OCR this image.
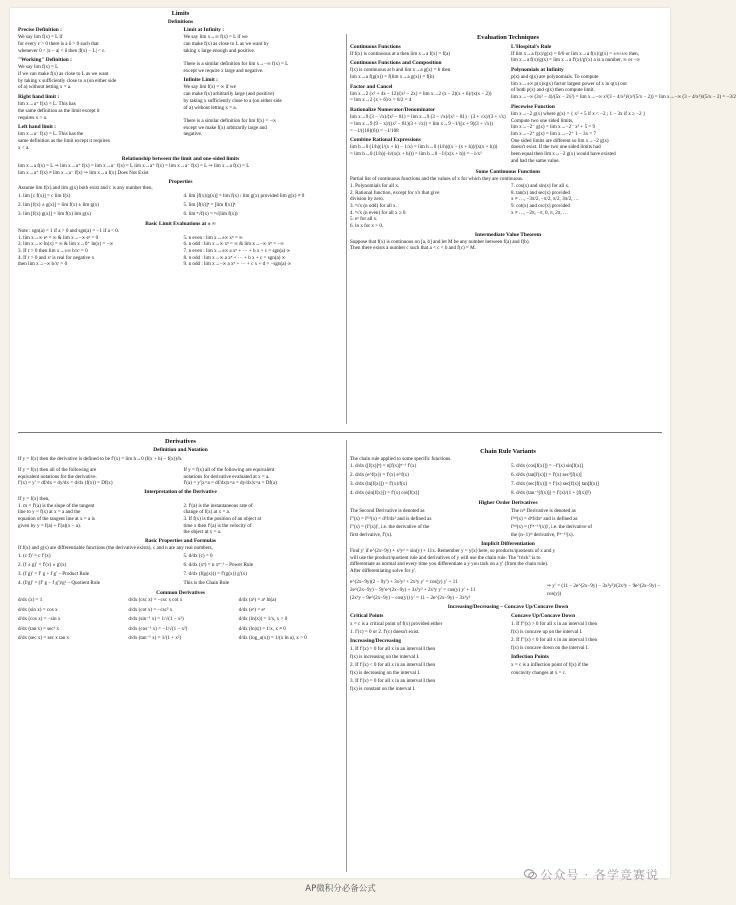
Limits
Definitions
Precise Definition :
We say lim f(x) = L if
for every ε > 0 there is a δ > 0 such that
whenever 0 < |x − a| < δ then |f(x) − L| < ε.
"Working" Definition :
We say lim f(x) = L
if we can make f(x) as close to L as we want
by taking x sufficiently close to a (on either side
of a) without letting x = a.
Right hand limit :
lim x→a⁺ f(x) = L. This has
the same definition as the limit except it
requires x > a.
Left hand limit :
lim x→a⁻ f(x) = L. This has the
same definition as the limit except it requires
x < a.
Limit at Infinity :
We say lim x→∞ f(x) = L if we
can make f(x) as close to L as we want by
taking x large enough and positive.

There is a similar definition for lim x→−∞ f(x) = L
except we require x large and negative.
Infinite Limit :
We say lim f(x) = ∞ if we
can make f(x) arbitrarily large (and positive)
by taking x sufficiently close to a (on either side
of a) without letting x = a.

There is a similar definition for lim f(x) = −∞
except we make f(x) arbitrarily large and
negative.
Relationship between the limit and one-sided limits
lim x→a f(x) = L ⇒ lim x→a⁺ f(x) = lim x→a⁻ f(x) = L lim x→a⁺ f(x) = lim x→a⁻ f(x) = L ⇒ lim x→a f(x) = L
lim x→a⁺ f(x) ≠ lim x→a⁻ f(x) ⇒ lim x→a f(x) Does Not Exist
Properties
Assume lim f(x) and lim g(x) both exist and c is any number then,
1. lim [c f(x)] = c lim f(x)
2. lim [f(x) ± g(x)] = lim f(x) ± lim g(x)
3. lim [f(x) g(x)] = lim f(x) lim g(x)
4. lim [f(x)/g(x)] = lim f(x) / lim g(x) provided lim g(x) ≠ 0
5. lim [f(x)]ⁿ = [lim f(x)]ⁿ
6. lim ⁿ√f(x) = ⁿ√(lim f(x))
Basic Limit Evaluations at ± ∞
Note : sgn(a) = 1 if a > 0 and sgn(a) = −1 if a < 0.
1. lim x→∞ eˣ = ∞ & lim x→−∞ eˣ = 0
2. lim x→∞ ln(x) = ∞ & lim x→0⁺ ln(x) = −∞
3. If r > 0 then lim x→±∞ b/xʳ = 0
4. If r > 0 and xʳ is real for negative x
then lim x→−∞ b/xʳ = 0
5. n even : lim x→±∞ xⁿ = ∞
6. n odd : lim x→∞ xⁿ = ∞ & lim x→−∞ xⁿ = −∞
7. n even : lim x→±∞ a xⁿ + ··· + b x + c = sgn(a) ∞
8. n odd : lim x→∞ a xⁿ + ··· + b x + c = sgn(a) ∞
9. n odd : lim x→−∞ a xⁿ + ··· + c x + d = −sgn(a) ∞
Evaluation Techniques
Continuous Functions
If f(x) is continuous at a then lim x→a f(x) = f(a)
Continuous Functions and Composition
f(x) is continuous at b and lim x→a g(x) = b then
lim x→a f(g(x)) = f(lim x→a g(x)) = f(b)
Factor and Cancel
lim x→2 (x² + 4x − 12)/(x² − 2x) = lim x→2 (x − 2)(x + 6)/(x(x − 2))
= lim x→2 (x + 6)/x = 8/2 = 4
Rationalize Numerator/Denominator
lim x→9 (3 − √x)/(x² − 81) = lim x→9 (3 − √x)/(x² − 81) · (3 + √x)/(3 + √x)
= lim x→9 (9 − x)/((x² − 81)(3 + √x)) = lim x→9 −1/((x + 9)(3 + √x))
= −1/((18)(6)) = −1/108
Combine Rational Expressions
lim h→0 (1/h)(1/(x + h) − 1/x) = lim h→0 (1/h)((x − (x + h))/(x(x + h)))
= lim h→0 (1/h)(−h/(x(x + h))) = lim h→0 −1/(x(x + h)) = −1/x²
L'Hospital's Rule
If lim x→a f(x)/g(x) = 0/0 or lim x→a f(x)/g(x) = ±∞/±∞ then,
lim x→a f(x)/g(x) = lim x→a f′(x)/g′(x) a is a number, ∞ or −∞
Polynomials at Infinity
p(x) and q(x) are polynomials. To compute
lim x→±∞ p(x)/q(x) factor largest power of x in q(x) out
of both p(x) and q(x) then compute limit.
lim x→−∞ (3x² − 4)/(5x − 2x²) = lim x→−∞ x²(3 − 4/x²)/(x²(5/x − 2)) = lim x→−∞ (3 − 4/x²)/(5/x − 2) = −3/2
Piecewise Function
lim x→−2 g(x) where g(x) = { x² + 5 if x < −2 ; 1 − 3x if x ≥ −2 }
Compute two one sided limits,
lim x→−2⁻ g(x) = lim x→−2⁻ x² + 5 = 9
lim x→−2⁺ g(x) = lim x→−2⁺ 1 − 3x = 7
One sided limits are different so lim x→−2 g(x)
doesn't exist. If the two one sided limits had
been equal then lim x→−2 g(x) would have existed
and had the same value.
Some Continuous Functions
Partial list of continuous functions and the values of x for which they are continuous.
1. Polynomials for all x.
2. Rational function, except for x's that give
division by zero.
3. ⁿ√x (n odd) for all x.
4. ⁿ√x (n even) for all x ≥ 0.
5. eˣ for all x.
6. ln x for x > 0.
7. cos(x) and sin(x) for all x.
8. tan(x) and sec(x) provided
x ≠ …, −3π/2, −π/2, π/2, 3π/2, …
9. cot(x) and csc(x) provided
x ≠ …, −2π, −π, 0, π, 2π, …
Intermediate Value Theorem
Suppose that f(x) is continuous on [a, b] and let M be any number between f(a) and f(b).
Then there exists a number c such that a < c < b and f(c) = M.
Derivatives
Definition and Notation
If y = f(x) then the derivative is defined to be f′(x) = lim h→0 (f(x + h) − f(x))/h.
If y = f(x) then all of the following are
equivalent notations for the derivative.
f′(x) = y′ = df/dx = dy/dx = d/dx (f(x)) = Df(x)
If y = f(x) all of the following are equivalent
notations for derivative evaluated at x = a.
f′(a) = y′|x=a = df/dx|x=a = dy/dx|x=a = Df(a)
Interpretation of the Derivative
If y = f(x) then,
1. m = f′(a) is the slope of the tangent
line to y = f(x) at x = a and the
equation of the tangent line at x = a is
given by y = f(a) + f′(a)(x − a).
2. f′(a) is the instantaneous rate of
change of f(x) at x = a.
3. If f(x) is the position of an object at
time x then f′(a) is the velocity of
the object at x = a.
Basic Properties and Formulas
If f(x) and g(x) are differentiable functions (the derivative exists), c and n are any real numbers,
1. (c f)′ = c f′(x)
2. (f ± g)′ = f′(x) ± g′(x)
3. (f g)′ = f′ g + f g′ – Product Rule
4. (f/g)′ = (f′ g − f g′)/g² – Quotient Rule
5. d/dx (c) = 0
6. d/dx (xⁿ) = n xⁿ⁻¹ – Power Rule
7. d/dx (f(g(x))) = f′(g(x)) g′(x)
This is the Chain Rule
Common Derivatives
d/dx (x) = 1
d/dx (sin x) = cos x
d/dx (cos x) = −sin x
d/dx (tan x) = sec² x
d/dx (sec x) = sec x tan x
d/dx (csc x) = −csc x cot x
d/dx (cot x) = −csc² x
d/dx (sin⁻¹ x) = 1/√(1 − x²)
d/dx (cos⁻¹ x) = −1/√(1 − x²)
d/dx (tan⁻¹ x) = 1/(1 + x²)
d/dx (aˣ) = aˣ ln(a)
d/dx (eˣ) = eˣ
d/dx (ln(x)) = 1/x, x > 0
d/dx (ln|x|) = 1/x, x ≠ 0
d/dx (log_a(x)) = 1/(x ln a), x > 0
Chain Rule Variants
The chain rule applied to some specific functions.
1. d/dx ([f(x)]ⁿ) = n[f(x)]ⁿ⁻¹ f′(x)
2. d/dx (e^f(x)) = f′(x) e^f(x)
3. d/dx (ln[f(x)]) = f′(x)/f(x)
4. d/dx (sin[f(x)]) = f′(x) cos[f(x)]
5. d/dx (cos[f(x)]) = −f′(x) sin[f(x)]
6. d/dx (tan[f(x)]) = f′(x) sec²[f(x)]
7. d/dx (sec[f(x)]) = f′(x) sec[f(x)] tan[f(x)]
8. d/dx (tan⁻¹[f(x)]) = f′(x)/(1 + [f(x)]²)
Higher Order Derivatives
The Second Derivative is denoted as
f″(x) = f⁽²⁾(x) = d²f/dx² and is defined as
f″(x) = (f′(x))′, i.e. the derivative of the
first derivative, f′(x).
The nᵗʰ Derivative is denoted as
f⁽ⁿ⁾(x) = dⁿf/dxⁿ and is defined as
f⁽ⁿ⁾(x) = (f⁽ⁿ⁻¹⁾(x))′, i.e. the derivative of
the (n−1)ᵗʰ derivative, f⁽ⁿ⁻¹⁾(x).
Implicit Differentiation
Find y′ if e^(2x−9y) + x³y² = sin(y) + 11x. Remember y = y(x) here, so products/quotients of x and y
will use the product/quotient rule and derivatives of y will use the chain rule. The "trick" is to
differentiate as normal and every time you differentiate a y you tack on a y′ (from the chain rule).
After differentiating solve for y′.
e^(2x−9y)(2 − 9y′) + 3x²y² + 2x³y y′ = cos(y) y′ + 11
2e^(2x−9y) − 9y′e^(2x−9y) + 3x²y² + 2x³y y′ = cos(y) y′ + 11
(2x³y − 9e^(2x−9y) − cos(y)) y′ = 11 − 2e^(2x−9y) − 3x²y²
⇒ y′ = (11 − 2e^(2x−9y) − 3x²y²)/(2x³y − 9e^(2x−9y) − cos(y))
Increasing/Decreasing – Concave Up/Concave Down
Critical Points
x = c is a critical point of f(x) provided either
1. f′(c) = 0 or 2. f′(c) doesn't exist.
Increasing/Decreasing
1. If f′(x) > 0 for all x in an interval I then
f(x) is increasing on the interval I.
2. If f′(x) < 0 for all x in an interval I then
f(x) is decreasing on the interval I.
3. If f′(x) = 0 for all x in an interval I then
f(x) is constant on the interval I.
Concave Up/Concave Down
1. If f″(x) > 0 for all x in an interval I then
f(x) is concave up on the interval I.
2. If f″(x) < 0 for all x in an interval I then
f(x) is concave down on the interval I.
Inflection Points
x = c is a inflection point of f(x) if the
concavity changes at x = c.
公众号 · 各学竞赛说
AP微积分必备公式
